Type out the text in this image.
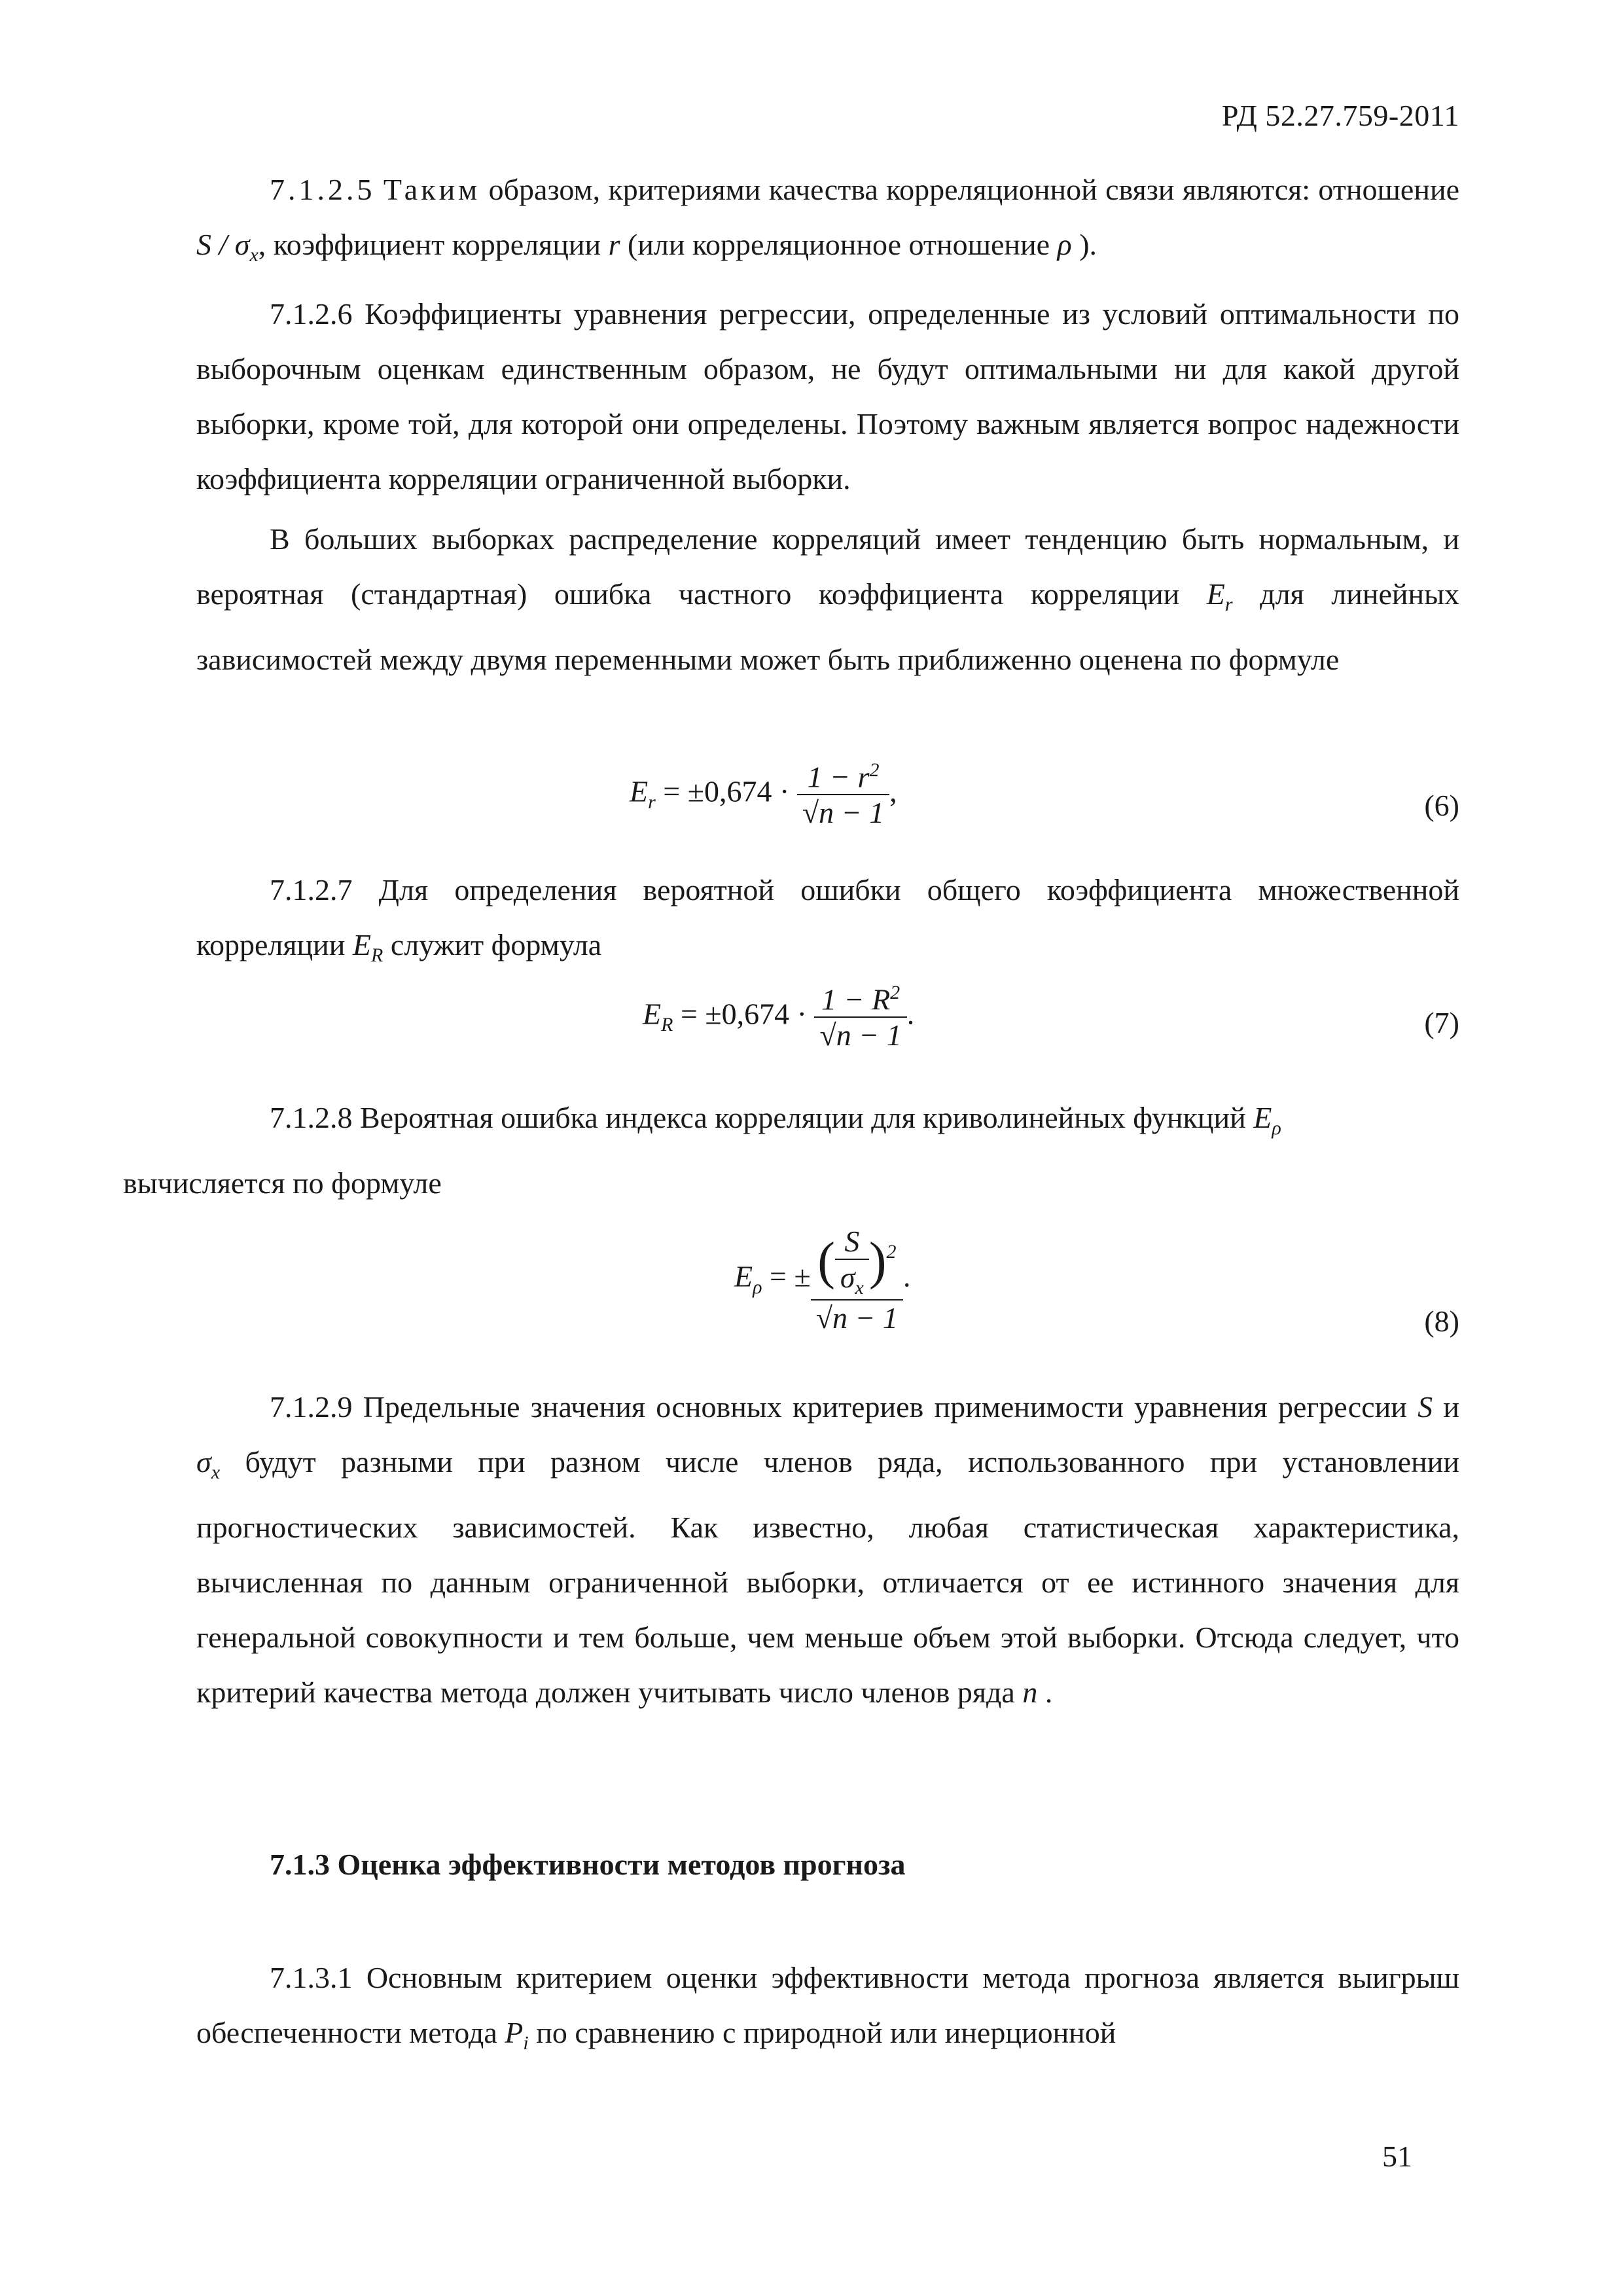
РД 52.27.759-2011
7.1.2.5 Таким образом, критериями качества корреляционной связи являются: отношение S / $\sigma_x$, коэффициент корреляции r (или корреляционное отношение ρ ).
7.1.2.6 Коэффициенты уравнения регрессии, определенные из условий оптимальности по выборочным оценкам единственным образом, не будут оптимальными ни для какой другой выборки, кроме той, для которой они определены. Поэтому важным является вопрос надежности коэффициента корреляции ограниченной выборки.
В больших выборках распределение корреляций имеет тенденцию быть нормальным, и вероятная (стандартная) ошибка частного коэффициента корреляции $E_r$ для линейных зависимостей между двумя переменными может быть приближенно оценена по формуле
$E_r = \pm 0,674 \cdot \frac{1 - r^2}{√n - 1}$ ,	(6)
7.1.2.7 Для определения вероятной ошибки общего коэффициента множественной корреляции $E_R$ служит формула
$E_R = \pm 0,674 \cdot \frac{1 - R^2}{√n - 1}$ .	(7)
7.1.2.8 Вероятная ошибка индекса корреляции для криволинейных функций $E_\rho$
вычисляется по формуле
$E_\rho$ = ± $\frac{( \frac{S}{\sigma_x} )^2}{√n - 1}$ .
(8)
7.1.2.9 Предельные значения основных критериев применимости уравнения регрессии S и $\sigma_x$ будут разными при разном числе членов ряда, использованного при установлении прогностических зависимостей. Как известно, любая статистическая характеристика, вычисленная по данным ограниченной выборки, отличается от ее истинного значения для генеральной совокупности и тем больше, чем меньше объем этой выборки. Отсюда следует, что критерий качества метода должен учитывать число членов ряда n .
7.1.3 Оценка эффективности методов прогноза
7.1.3.1 Основным критерием оценки эффективности метода прогноза является выигрыш обеспеченности метода $P_i$ по сравнению с природной или инерционной
51
